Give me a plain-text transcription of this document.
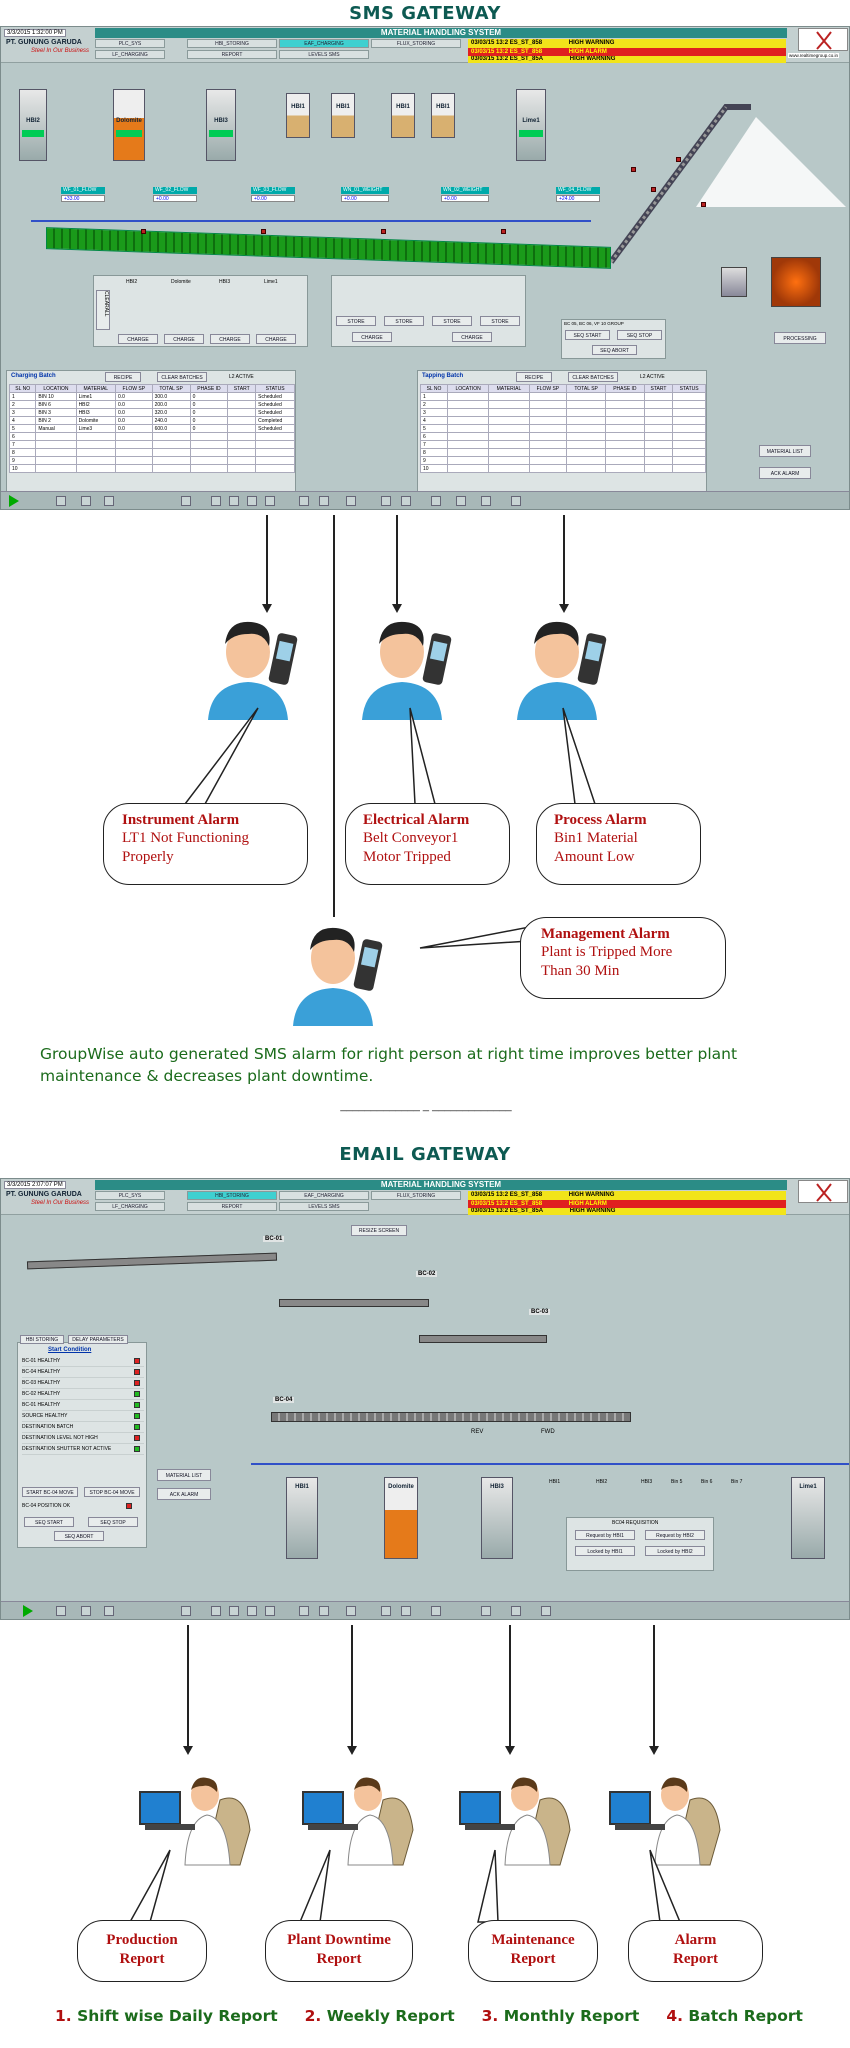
SMS GATEWAY
3/3/2015 1:32:00 PM
PT. GUNUNG GARUDA
Steel In Our Business
MATERIAL HANDLING SYSTEM
PLC_SYS	HBI_STORING	EAF_CHARGING	FLUX_STORING
LF_CHARGING	REPORT	LEVELS SMS
03/03/15 13:2 ES_ST_858	HIGH WARNING
03/03/15 13:2 ES_ST_858	HIGH ALARM
03/03/15 13:2 ES_ST_85A	HIGH WARNING
www.realtimegroup.co.in
HBI2	Dolomite	HBI3
HBI1	HBI1	HBI1	HBI1
Lime1
WF_01_FLOW
+33.00
WF_02_FLOW
+0.00
WF_03_FLOW
+0.00
WN_01_WEIGHT
+0.00
WN_02_WEIGHT
+0.00
WF_04_FLOW
+24.00
PROCESSING
CLEARALL
HBI2	Dolomite	HBI3	Lime1
CHARGE	CHARGE	CHARGE	CHARGE
STORE	STORE	STORE	STORE
CHARGE	CHARGE
BC 05, BC 06, VF 10 GROUP
SEQ START	SEQ STOP
SEQ ABORT
Charging Batch	RECIPE	CLEAR BATCHES	L2 ACTIVE
SL NO	LOCATION	MATERIAL	FLOW SP	TOTAL SP	PHASE ID	START	STATUS
1	BIN 10	Lime1	0.0	300.0	0		Scheduled
2	BIN 6	HBI2	0.0	200.0	0		Scheduled
3	BIN 3	HBI3	0.0	320.0	0		Scheduled
4	BIN 2	Dolomite	0.0	240.0	0		Completed
5	Manual	Lime3	0.0	600.0	0		Scheduled
6							
7							
8							
9							
10							
Tapping Batch	RECIPE	CLEAR BATCHES	L2 ACTIVE
SL NO	LOCATION	MATERIAL	FLOW SP	TOTAL SP	PHASE ID	START	STATUS
1							
2							
3							
4							
5							
6							
7							
8							
9							
10							
MATERIAL LIST
ACK ALARM
Instrument Alarm
LT1 Not Functioning
Properly
Electrical Alarm
Belt Conveyor1
Motor Tripped
Process Alarm
Bin1 Material
Amount Low
Management Alarm
Plant is Tripped More
Than 30 Min
GroupWise auto generated SMS alarm for right person at right time improves better plant
maintenance & decreases plant downtime.
_____________ _ _____________
EMAIL GATEWAY
3/3/2015 2:07:07 PM
PT. GUNUNG GARUDA
Steel In Our Business
MATERIAL HANDLING SYSTEM
PLC_SYS	HBI_STORING	EAF_CHARGING	FLUX_STORING
LF_CHARGING	REPORT	LEVELS SMS
03/03/15 13:2 ES_ST_858	HIGH WARNING
03/03/15 13:2 ES_ST_858	HIGH ALARM
03/03/15 13:2 ES_ST_85A	HIGH WARNING
RESIZE SCREEN
BC-01
BC-02
BC-03
BC-04
REV	FWD
HBI STORING	DELAY PARAMETERS
Start Condition
BC-01 HEALTHY
BC-04 HEALTHY
BC-03 HEALTHY
BC-02 HEALTHY
BC-01 HEALTHY
SOURCE HEALTHY
DESTINATION BATCH
DESTINATION LEVEL NOT HIGH
DESTINATION SHUTTER NOT ACTIVE
START BC-04 MOVE	STOP BC-04 MOVE
BC-04 POSITION OK
SEQ START	SEQ STOP
SEQ ABORT
MATERIAL LIST
ACK ALARM
HBI1	Dolomite	HBI3	Lime1
HBI1	HBI2	HBI3	Bin 5	Bin 6	Bin 7
BC04 REQUISITION
Request by HBI1	Request by HBI2
Locked by HBI1	Locked by HBI2
Production
Report
Plant Downtime
Report
Maintenance
Report
Alarm
Report
1. Shift wise Daily Report 2. Weekly Report 3. Monthly Report 4. Batch Report
